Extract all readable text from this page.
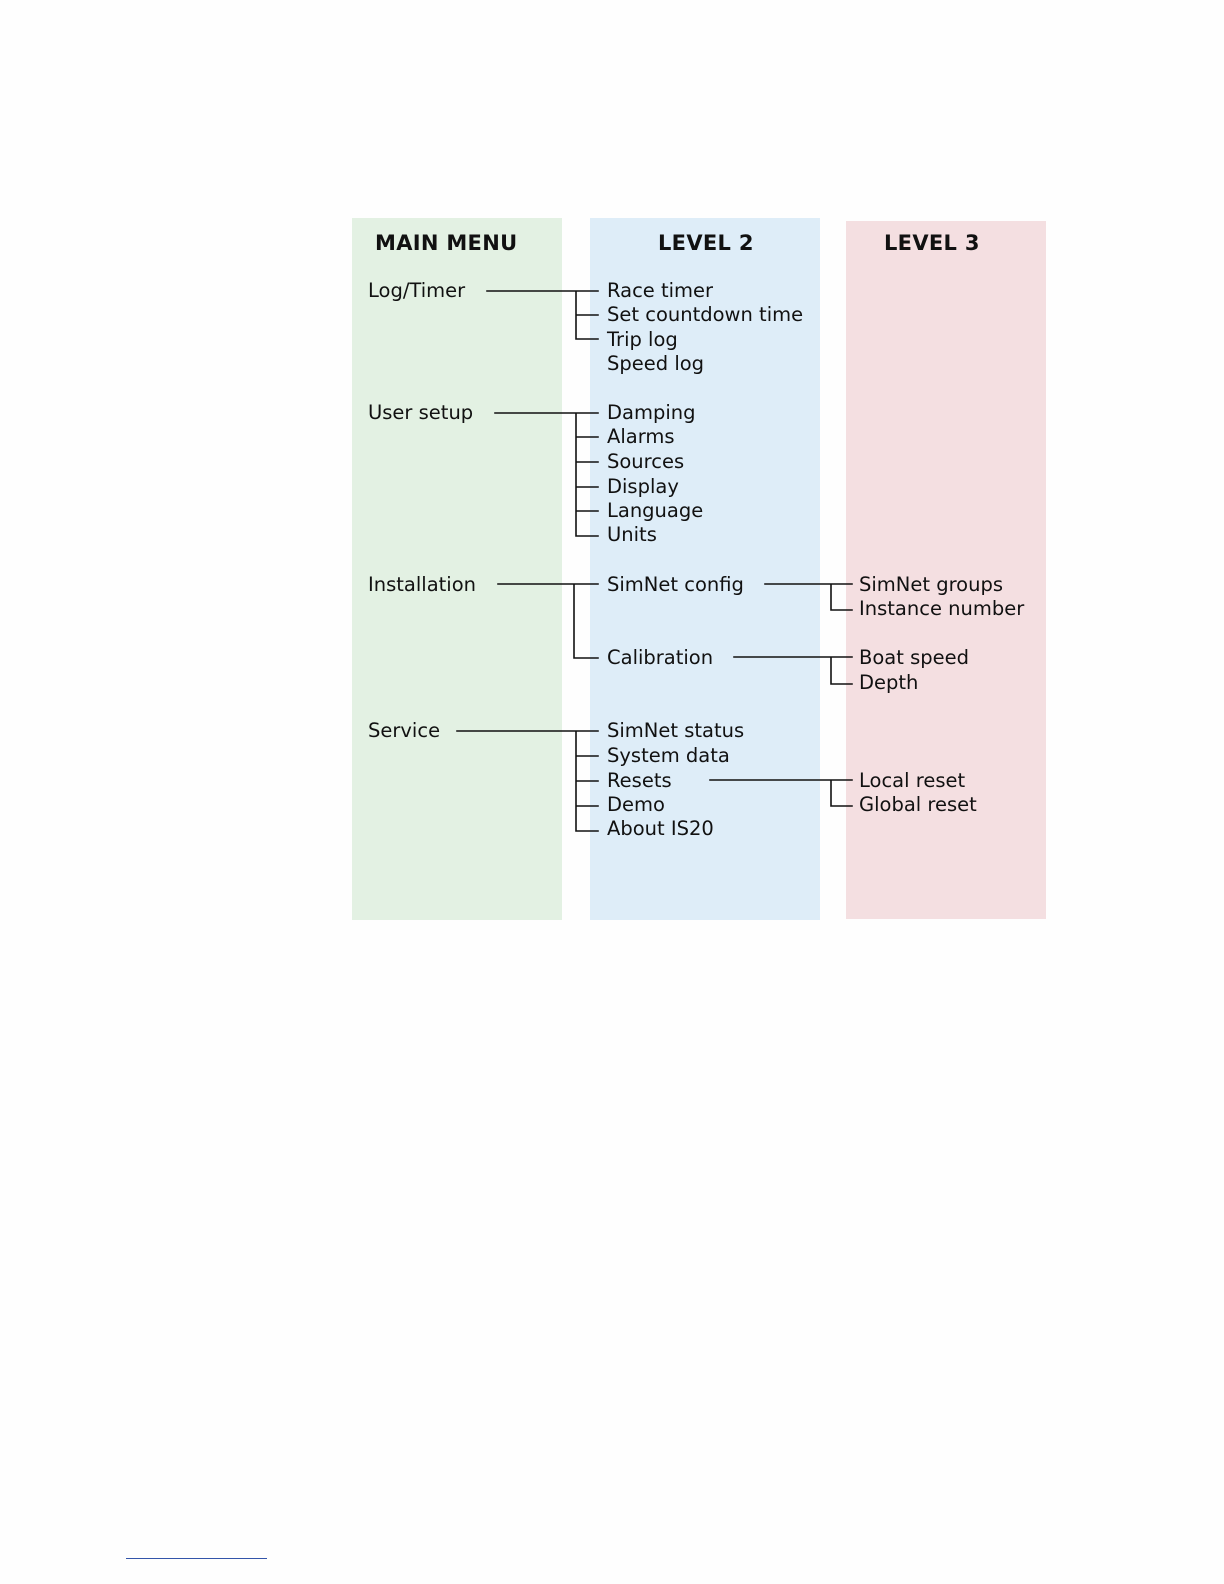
MAIN MENU	LEVEL 2	LEVEL 3
Log/Timer
User setup
Installation
Service
Race timer
Set countdown time
Trip log
Speed log
Damping
Alarms
Sources
Display
Language
Units
SimNet config
Calibration
SimNet status
System data
Resets
Demo
About IS20
SimNet groups
Instance number
Boat speed
Depth
Local reset
Global reset
